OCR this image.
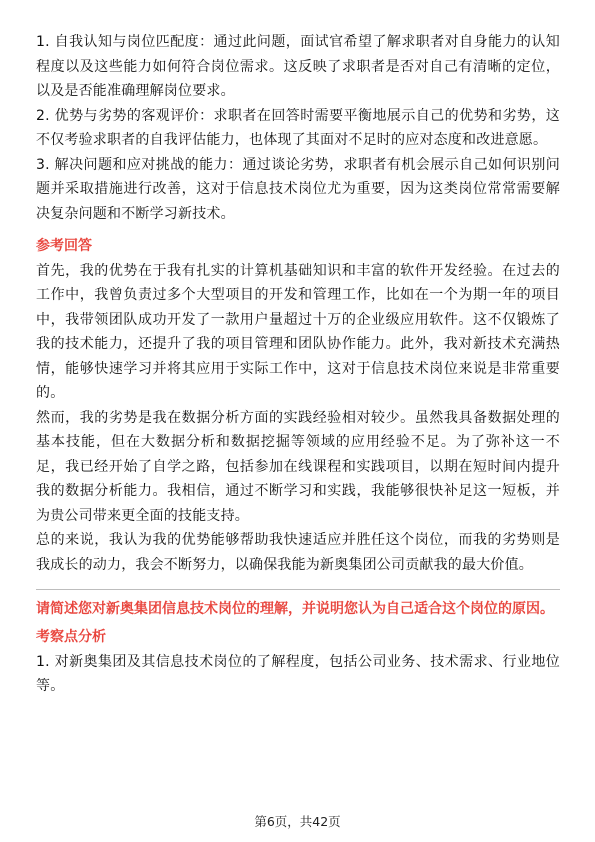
1. 自我认知与岗位匹配度：通过此问题，面试官希望了解求职者对自身能力的认知程度以及这些能力如何符合岗位需求。这反映了求职者是否对自己有清晰的定位，以及是否能准确理解岗位要求。

2. 优势与劣势的客观评价：求职者在回答时需要平衡地展示自己的优势和劣势，这不仅考验求职者的自我评估能力，也体现了其面对不足时的应对态度和改进意愿。

3. 解决问题和应对挑战的能力：通过谈论劣势，求职者有机会展示自己如何识别问题并采取措施进行改善，这对于信息技术岗位尤为重要，因为这类岗位常常需要解决复杂问题和不断学习新技术。

参考回答

首先，我的优势在于我有扎实的计算机基础知识和丰富的软件开发经验。在过去的工作中，我曾负责过多个大型项目的开发和管理工作，比如在一个为期一年的项目中，我带领团队成功开发了一款用户量超过十万的企业级应用软件。这不仅锻炼了我的技术能力，还提升了我的项目管理和团队协作能力。此外，我对新技术充满热情，能够快速学习并将其应用于实际工作中，这对于信息技术岗位来说是非常重要的。

然而，我的劣势是我在数据分析方面的实践经验相对较少。虽然我具备数据处理的基本技能，但在大数据分析和数据挖掘等领域的应用经验不足。为了弥补这一不足，我已经开始了自学之路，包括参加在线课程和实践项目，以期在短时间内提升我的数据分析能力。我相信，通过不断学习和实践，我能够很快补足这一短板，并为贵公司带来更全面的技能支持。

总的来说，我认为我的优势能够帮助我快速适应并胜任这个岗位，而我的劣势则是我成长的动力，我会不断努力，以确保我能为新奥集团公司贡献我的最大价值。

请简述您对新奥集团信息技术岗位的理解，并说明您认为自己适合这个岗位的原因。
考察点分析

1. 对新奥集团及其信息技术岗位的了解程度，包括公司业务、技术需求、行业地位等。

第6页，共42页
